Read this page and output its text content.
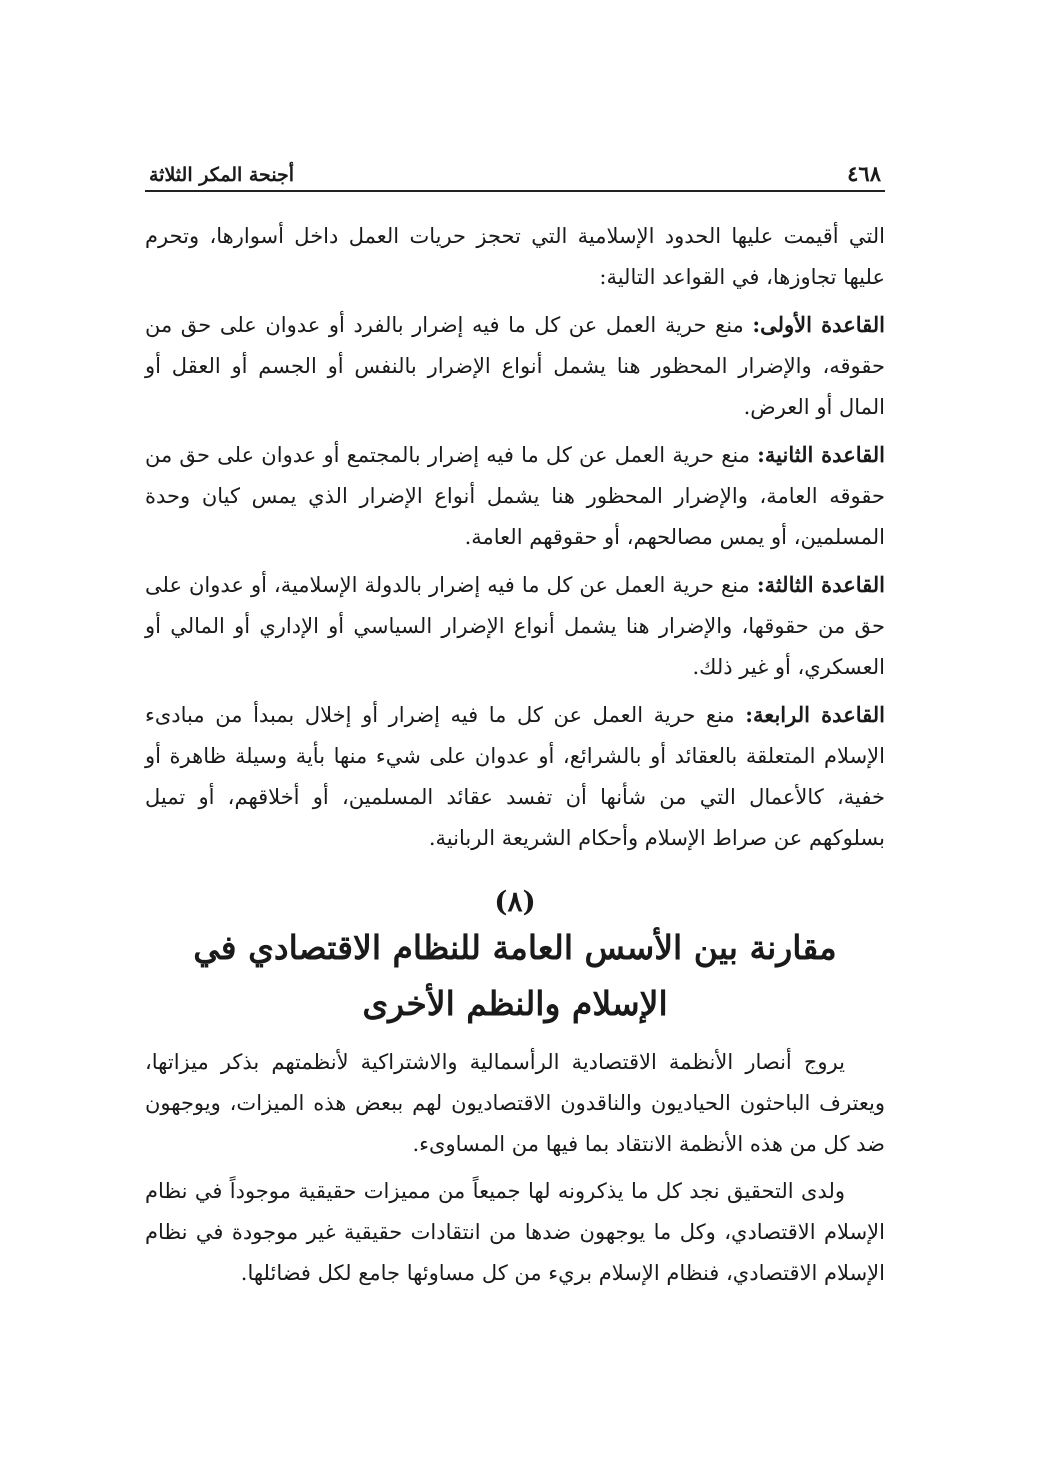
٤٦٨
أجنحة المكر الثلاثة

التي أقيمت عليها الحدود الإسلامية التي تحجز حريات العمل داخل أسوارها، وتحرم عليها تجاوزها، في القواعد التالية:

القاعدة الأولى: منع حرية العمل عن كل ما فيه إضرار بالفرد أو عدوان على حق من حقوقه، والإضرار المحظور هنا يشمل أنواع الإضرار بالنفس أو الجسم أو العقل أو المال أو العرض.

القاعدة الثانية: منع حرية العمل عن كل ما فيه إضرار بالمجتمع أو عدوان على حق من حقوقه العامة، والإضرار المحظور هنا يشمل أنواع الإضرار الذي يمس كيان وحدة المسلمين، أو يمس مصالحهم، أو حقوقهم العامة.

القاعدة الثالثة: منع حرية العمل عن كل ما فيه إضرار بالدولة الإسلامية، أو عدوان على حق من حقوقها، والإضرار هنا يشمل أنواع الإضرار السياسي أو الإداري أو المالي أو العسكري، أو غير ذلك.

القاعدة الرابعة: منع حرية العمل عن كل ما فيه إضرار أو إخلال بمبدأ من مبادىء الإسلام المتعلقة بالعقائد أو بالشرائع، أو عدوان على شيء منها بأية وسيلة ظاهرة أو خفية، كالأعمال التي من شأنها أن تفسد عقائد المسلمين، أو أخلاقهم، أو تميل بسلوكهم عن صراط الإسلام وأحكام الشريعة الربانية.

(٨)
مقارنة بين الأسس العامة للنظام الاقتصادي في الإسلام والنظم الأخرى

يروج أنصار الأنظمة الاقتصادية الرأسمالية والاشتراكية لأنظمتهم بذكر ميزاتها، ويعترف الباحثون الحياديون والناقدون الاقتصاديون لهم ببعض هذه الميزات، ويوجهون ضد كل من هذه الأنظمة الانتقاد بما فيها من المساوىء.

ولدى التحقيق نجد كل ما يذكرونه لها جميعاً من مميزات حقيقية موجوداً في نظام الإسلام الاقتصادي، وكل ما يوجهون ضدها من انتقادات حقيقية غير موجودة في نظام الإسلام الاقتصادي، فنظام الإسلام بريء من كل مساوئها جامع لكل فضائلها.
